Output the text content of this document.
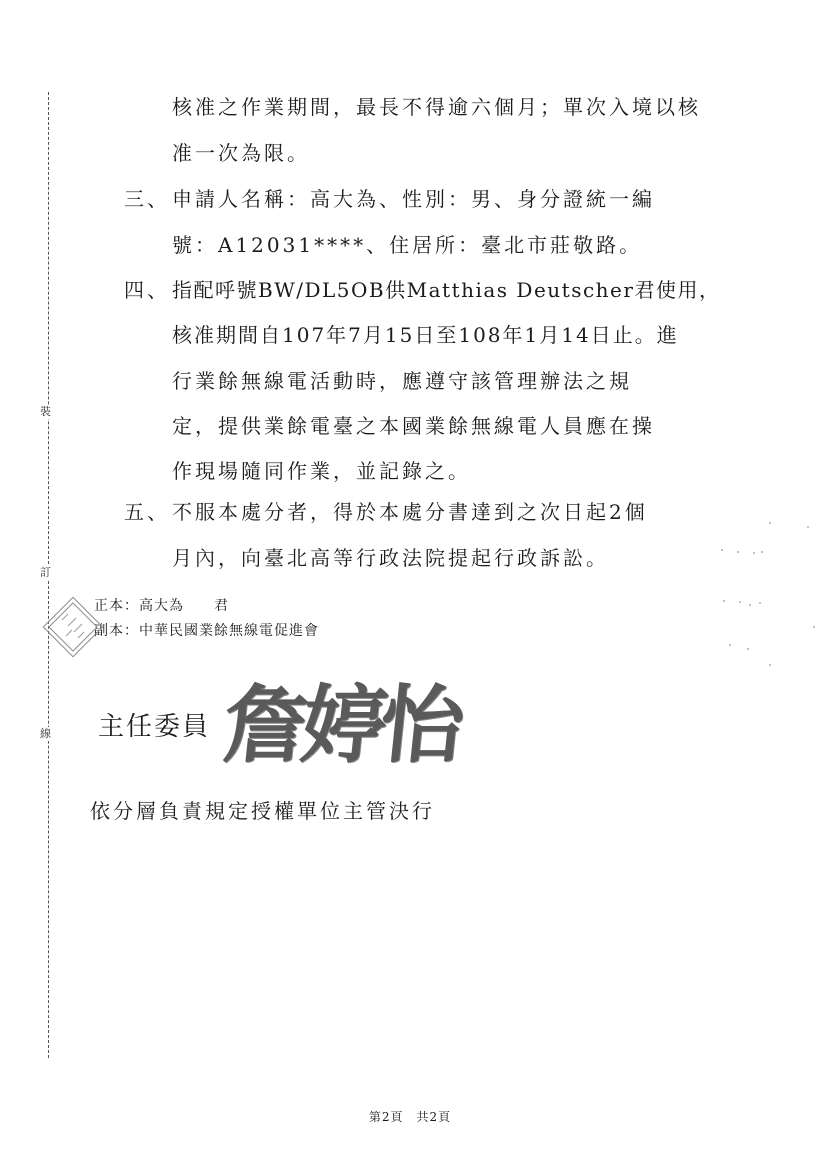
裝
訂
線
核准之作業期間，最長不得逾六個月；單次入境以核
准一次為限。
三、 申請人名稱：高大為、性別：男、身分證統一編
號：A12031****、住居所：臺北市莊敬路。
四、 指配呼號BW/DL5OB供Matthias Deutscher君使用，
核准期間自107年7月15日至108年1月14日止。進
行業餘無線電活動時，應遵守該管理辦法之規
定，提供業餘電臺之本國業餘無線電人員應在操
作現場隨同作業，並記錄之。
五、 不服本處分者，得於本處分書達到之次日起2個
月內，向臺北高等行政法院提起行政訴訟。
正本：高大為　　君
副本：中華民國業餘無線電促進會
主任委員 詹婷怡
依分層負責規定授權單位主管決行
第2頁　共2頁
